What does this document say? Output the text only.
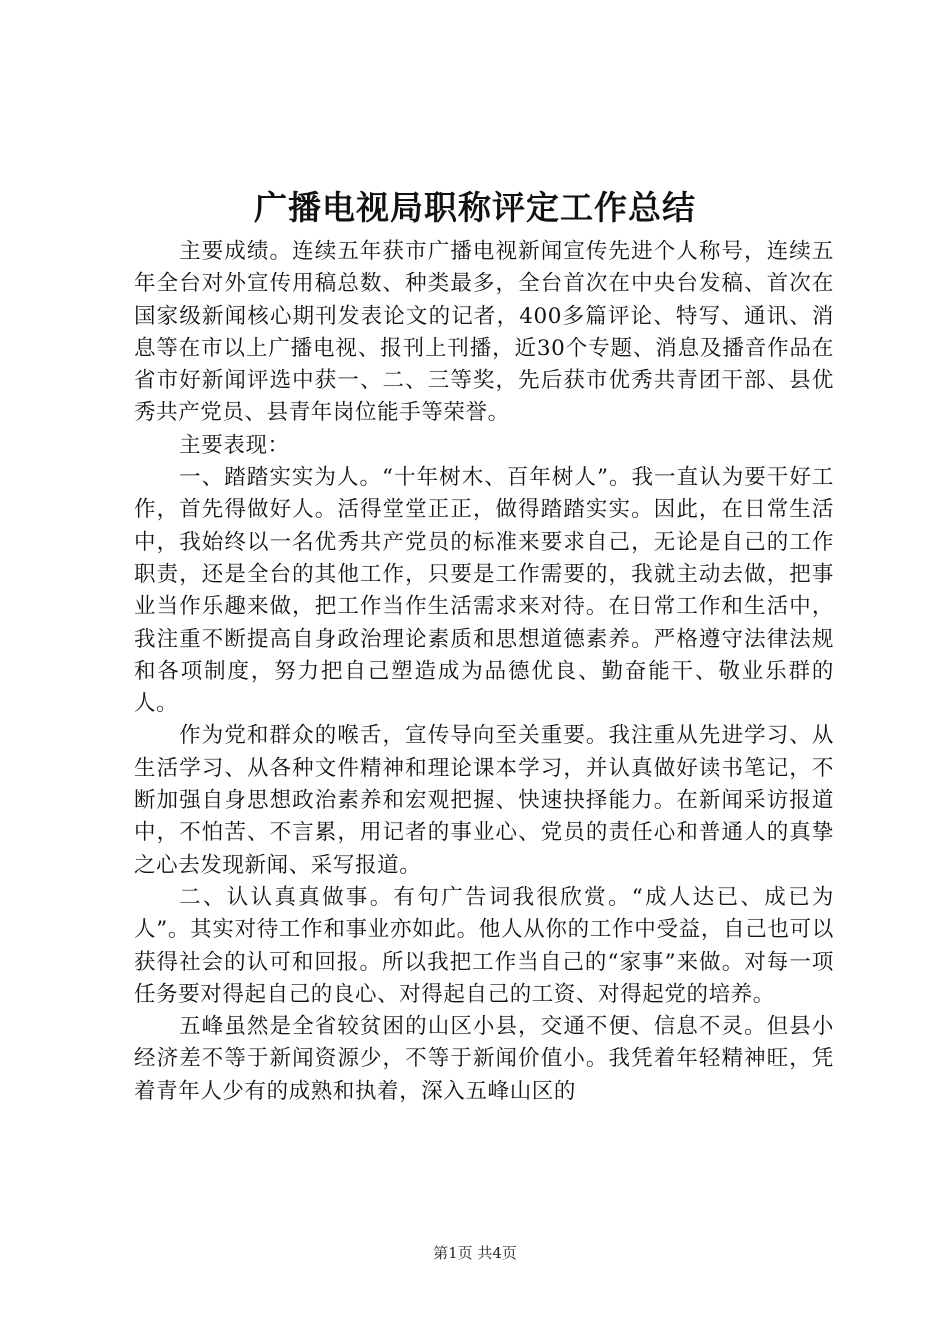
广播电视局职称评定工作总结

主要成绩。连续五年获市广播电视新闻宣传先进个人称号，连续五年全台对外宣传用稿总数、种类最多，全台首次在中央台发稿、首次在国家级新闻核心期刊发表论文的记者，400多篇评论、特写、通讯、消息等在市以上广播电视、报刊上刊播，近30个专题、消息及播音作品在省市好新闻评选中获一、二、三等奖，先后获市优秀共青团干部、县优秀共产党员、县青年岗位能手等荣誉。

主要表现：

一、踏踏实实为人。“十年树木、百年树人”。我一直认为要干好工作，首先得做好人。活得堂堂正正，做得踏踏实实。因此，在日常生活中，我始终以一名优秀共产党员的标准来要求自己，无论是自己的工作职责，还是全台的其他工作，只要是工作需要的，我就主动去做，把事业当作乐趣来做，把工作当作生活需求来对待。在日常工作和生活中，我注重不断提高自身政治理论素质和思想道德素养。严格遵守法律法规和各项制度，努力把自己塑造成为品德优良、勤奋能干、敬业乐群的人。

作为党和群众的喉舌，宣传导向至关重要。我注重从先进学习、从生活学习、从各种文件精神和理论课本学习，并认真做好读书笔记，不断加强自身思想政治素养和宏观把握、快速抉择能力。在新闻采访报道中，不怕苦、不言累，用记者的事业心、党员的责任心和普通人的真挚之心去发现新闻、采写报道。

二、认认真真做事。有句广告词我很欣赏。“成人达已、成已为人”。其实对待工作和事业亦如此。他人从你的工作中受益，自己也可以获得社会的认可和回报。所以我把工作当自己的“家事”来做。对每一项任务要对得起自己的良心、对得起自己的工资、对得起党的培养。

五峰虽然是全省较贫困的山区小县，交通不便、信息不灵。但县小经济差不等于新闻资源少，不等于新闻价值小。我凭着年轻精神旺，凭着青年人少有的成熟和执着，深入五峰山区的

第1页 共4页
